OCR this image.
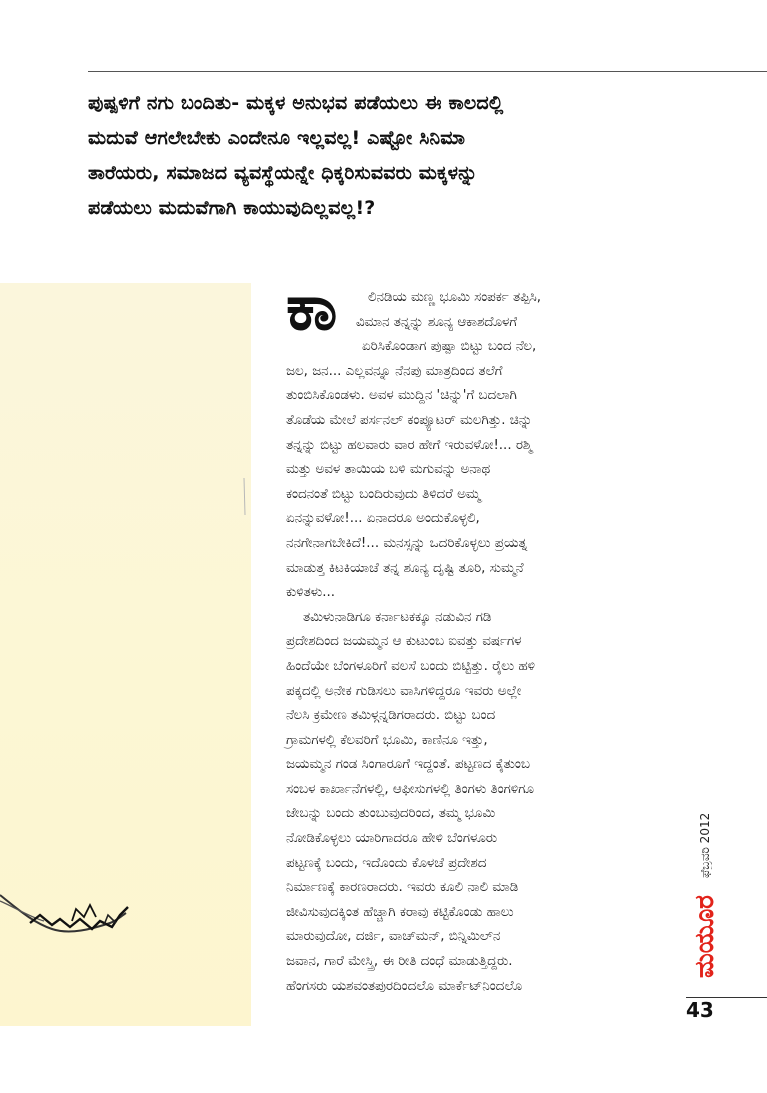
ಪುಷ್ಪಳಿಗೆ ನಗು ಬಂದಿತು- ಮಕ್ಕಳ ಅನುಭವ ಪಡೆಯಲು ಈ ಕಾಲದಲ್ಲಿ
ಮದುವೆ ಆಗಲೇಬೇಕು ಎಂದೇನೂ ಇಲ್ಲವಲ್ಲ! ಎಷ್ಟೋ ಸಿನಿಮಾ
ತಾರೆಯರು, ಸಮಾಜದ ವ್ಯವಸ್ಥೆಯನ್ನೇ ಧಿಕ್ಕರಿಸುವವರು ಮಕ್ಕಳನ್ನು
ಪಡೆಯಲು ಮದುವೆಗಾಗಿ ಕಾಯುವುದಿಲ್ಲವಲ್ಲ!?
ಕಾ	ಲಿನಡಿಯ ಮಣ್ಣ ಭೂಮಿ ಸಂಪರ್ಕ ತಪ್ಪಿಸಿ,
ವಿಮಾನ ತನ್ನನ್ನು ಶೂನ್ಯ ಆಕಾಶದೊಳಗೆ
ಏರಿಸಿಕೊಂಡಾಗ ಪುಷ್ಪಾ ಬಿಟ್ಟು ಬಂದ ನೆಲ,
ಜಲ, ಜನ... ಎಲ್ಲವನ್ನೂ ನೆನಪು ಮಾತ್ರದಿಂದ ತಲೆಗೆ
ತುಂಬಿಸಿಕೊಂಡಳು. ಅವಳ ಮುದ್ದಿನ 'ಚಿನ್ನು'ಗೆ ಬದಲಾಗಿ
ತೊಡೆಯ ಮೇಲೆ ಪರ್ಸನಲ್ ಕಂಪ್ಯೂಟರ್ ಮಲಗಿತ್ತು. ಚಿನ್ನು
ತನ್ನನ್ನು ಬಿಟ್ಟು ಹಲವಾರು ವಾರ ಹೇಗೆ ಇರುವಳೋ!... ರಶ್ಮಿ
ಮತ್ತು ಅವಳ ತಾಯಿಯ ಬಳಿ ಮಗುವನ್ನು ಅನಾಥ
ಕಂದನಂತೆ ಬಿಟ್ಟು ಬಂದಿರುವುದು ತಿಳಿದರೆ ಅಮ್ಮ
ಏನನ್ನುವಳೋ!... ಏನಾದರೂ ಅಂದುಕೊಳ್ಳಲಿ,
ನನಗೇನಾಗಬೇಕಿದೆ!... ಮನಸ್ಸನ್ನು ಒದರಿಕೊಳ್ಳಲು ಪ್ರಯತ್ನ
ಮಾಡುತ್ತ ಕಿಟಕಿಯಾಚೆ ತನ್ನ ಶೂನ್ಯ ದೃಷ್ಟಿ ತೂರಿ, ಸುಮ್ಮನೆ
ಕುಳಿತಳು...
ತಮಿಳುನಾಡಿಗೂ ಕರ್ನಾಟಕಕ್ಕೂ ನಡುವಿನ ಗಡಿ
ಪ್ರದೇಶದಿಂದ ಜಯಮ್ಮನ ಆ ಕುಟುಂಬ ಐವತ್ತು ವರ್ಷಗಳ
ಹಿಂದೆಯೇ ಬೆಂಗಳೂರಿಗೆ ವಲಸೆ ಬಂದು ಬಿಟ್ಟಿತ್ತು. ರೈಲು ಹಳಿ
ಪಕ್ಕದಲ್ಲಿ ಅನೇಕ ಗುಡಿಸಲು ವಾಸಿಗಳಿದ್ದರೂ ಇವರು ಅಲ್ಲೇ
ನೆಲಸಿ ಕ್ರಮೇಣ ತಮಿಳ್ಗನ್ನಡಿಗರಾದರು. ಬಿಟ್ಟು ಬಂದ
ಗ್ರಾಮಗಳಲ್ಲಿ ಕೆಲವರಿಗೆ ಭೂಮಿ, ಕಾಣಿನೂ ಇತ್ತು,
ಜಯಮ್ಮನ ಗಂಡ ಸಿಂಗಾರೂಗೆ ಇದ್ದಂತೆ. ಪಟ್ಟಣದ ಕೈತುಂಬ
ಸಂಬಳ ಕಾರ್ಖಾನೆಗಳಲ್ಲಿ, ಆಫೀಸುಗಳಲ್ಲಿ ತಿಂಗಳು ತಿಂಗಳಿಗೂ
ಜೇಬನ್ನು ಬಂದು ತುಂಬುವುದರಿಂದ, ತಮ್ಮ ಭೂಮಿ
ನೋಡಿಕೊಳ್ಳಲು ಯಾರಿಗಾದರೂ ಹೇಳಿ ಬೆಂಗಳೂರು
ಪಟ್ಟಣಕ್ಕೆ ಬಂದು, ಇದೊಂದು ಕೊಳಚೆ ಪ್ರದೇಶದ
ನಿರ್ಮಾಣಕ್ಕೆ ಕಾರಣರಾದರು. ಇವರು ಕೂಲಿ ನಾಲಿ ಮಾಡಿ
ಜೀವಿಸುವುದಕ್ಕಿಂತ ಹೆಚ್ಚಾಗಿ ಕರಾವು ಕಟ್ಟಿಕೊಂಡು ಹಾಲು
ಮಾರುವುದೋ, ದರ್ಜಿ, ವಾಚ್‌ಮನ್, ಬಿನ್ನಿಮಿಲ್‌ನ
ಜವಾನ, ಗಾರೆ ಮೇಸ್ತ್ರಿ, ಈ ರೀತಿ ದಂಧೆ ಮಾಡುತ್ತಿದ್ದರು.
ಹೆಂಗಸರು ಯಶವಂತಪುರದಿಂದಲೊ ಮಾರ್ಕೆಟ್‌ನಿಂದಲೊ
ಫೆಬ್ರವರಿ 2012
ಮಯೂರ
43
